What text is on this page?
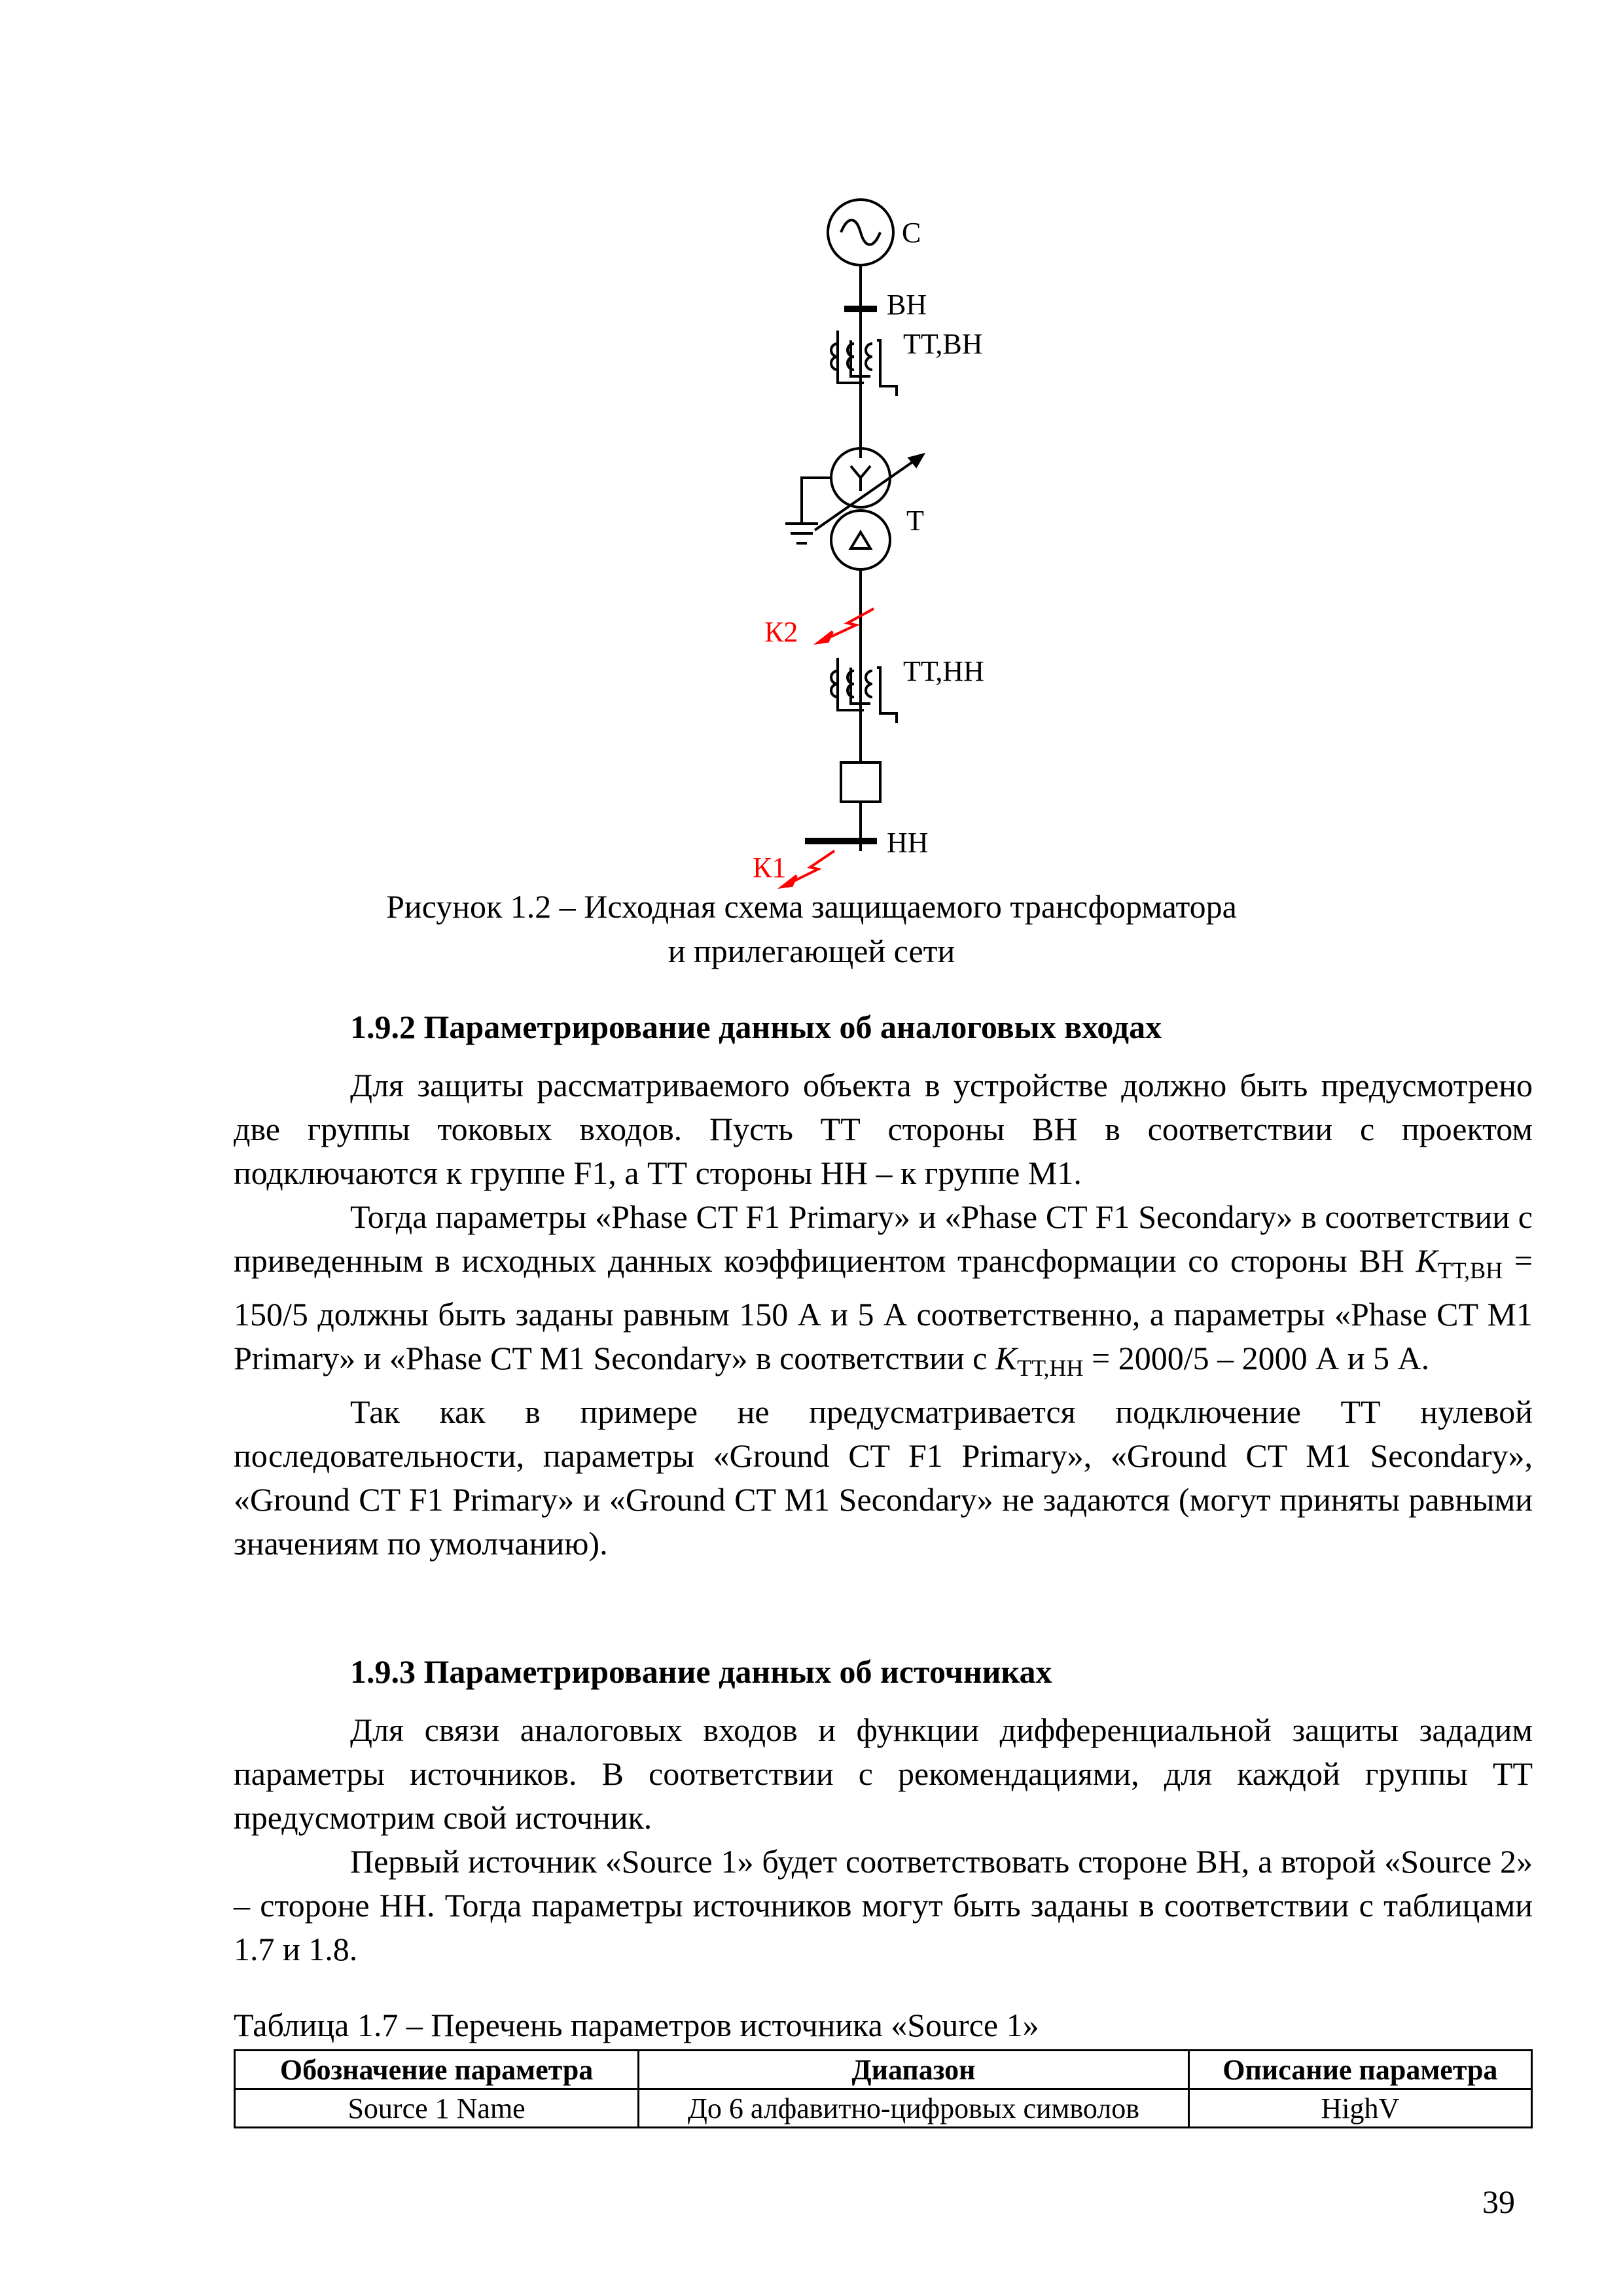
C
ВН
ТТ,ВН
Т
К2
ТТ,НН
НН
К1
Рисунок 1.2 – Исходная схема защищаемого трансформатора
и прилегающей сети
1.9.2 Параметрирование данных об аналоговых входах

Для защиты рассматриваемого объекта в устройстве должно быть предусмотрено две группы токовых входов. Пусть ТТ стороны ВН в соответствии с проектом подключаются к группе F1, а ТТ стороны НН – к группе M1.

Тогда параметры «Phase CT F1 Primary» и «Phase CT F1 Secondary» в соответствии с приведенным в исходных данных коэффициентом трансформации со стороны ВН $K_{ТТ,ВН} = 150/5$ должны быть заданы равным 150 А и 5 А соответственно, а параметры «Phase CT M1 Primary» и «Phase CT M1 Secondary» в соответствии с $K_{ТТ,НН} = 2000/5 - 2000$ А и 5 А.

Так как в примере не предусматривается подключение ТТ нулевой последовательности, параметры «Ground CT F1 Primary», «Ground CT M1 Secondary», «Ground CT F1 Primary» и «Ground CT M1 Secondary» не задаются (могут приняты равными значениям по умолчанию).

1.9.3 Параметрирование данных об источниках

Для связи аналоговых входов и функции дифференциальной защиты зададим параметры источников. В соответствии с рекомендациями, для каждой группы ТТ предусмотрим свой источник.

Первый источник «Source 1» будет соответствовать стороне ВН, а второй «Source 2» – стороне НН. Тогда параметры источников могут быть заданы в соответствии с таблицами 1.7 и 1.8.

Таблица 1.7 – Перечень параметров источника «Source 1»
Обозначение параметра	Диапазон	Описание параметра
Source 1 Name	До 6 алфавитно-цифровых символов	HighV
39
